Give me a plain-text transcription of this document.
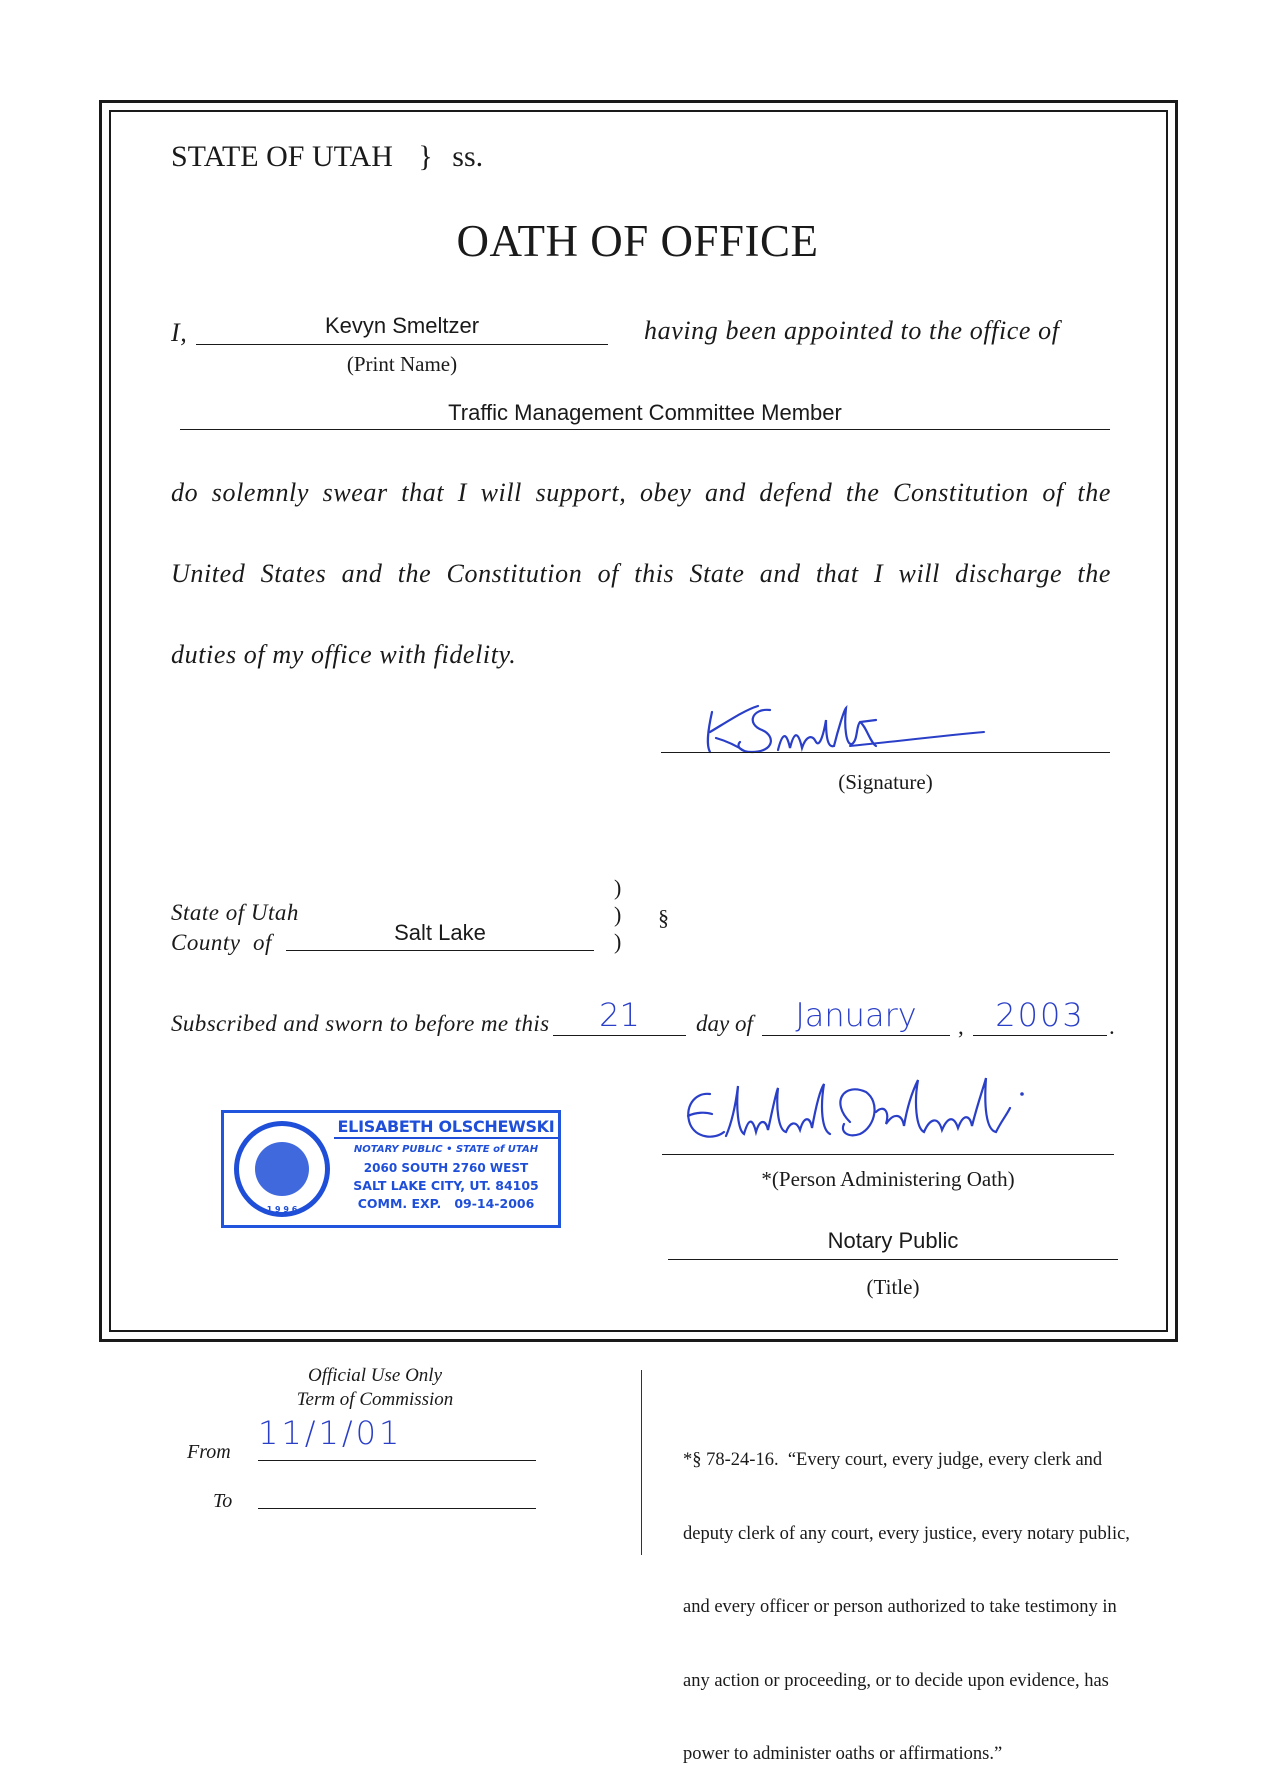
STATE OF UTAH } ss.
OATH OF OFFICE
I,	Kevyn Smeltzer
(Print Name)
having been appointed to the office of
Traffic Management Committee Member
do solemnly swear that I will support, obey and defend the Constitution of the
United States and the Constitution of this State and that I will discharge the
duties of my office with fidelity.
(Signature)
State of Utah
County  of	Salt Lake
)
)
)
§
Subscribed and sworn to before me this	21	day of	January	, 2003	.
1 9 9 6
ELISABETH OLSCHEWSKI
NOTARY PUBLIC • STATE of UTAH
2060 SOUTH 2760 WEST
SALT LAKE CITY, UT. 84105
COMM. EXP.   09-14-2006
*(Person Administering Oath)
Notary Public
(Title)
Official Use Only
Term of Commission
From 11/1/01
To

*§ 78-24-16.  “Every court, every judge, every clerk and

deputy clerk of any court, every justice, every notary public,

and every officer or person authorized to take testimony in

any action or proceeding, or to decide upon evidence, has

power to administer oaths or affirmations.”
